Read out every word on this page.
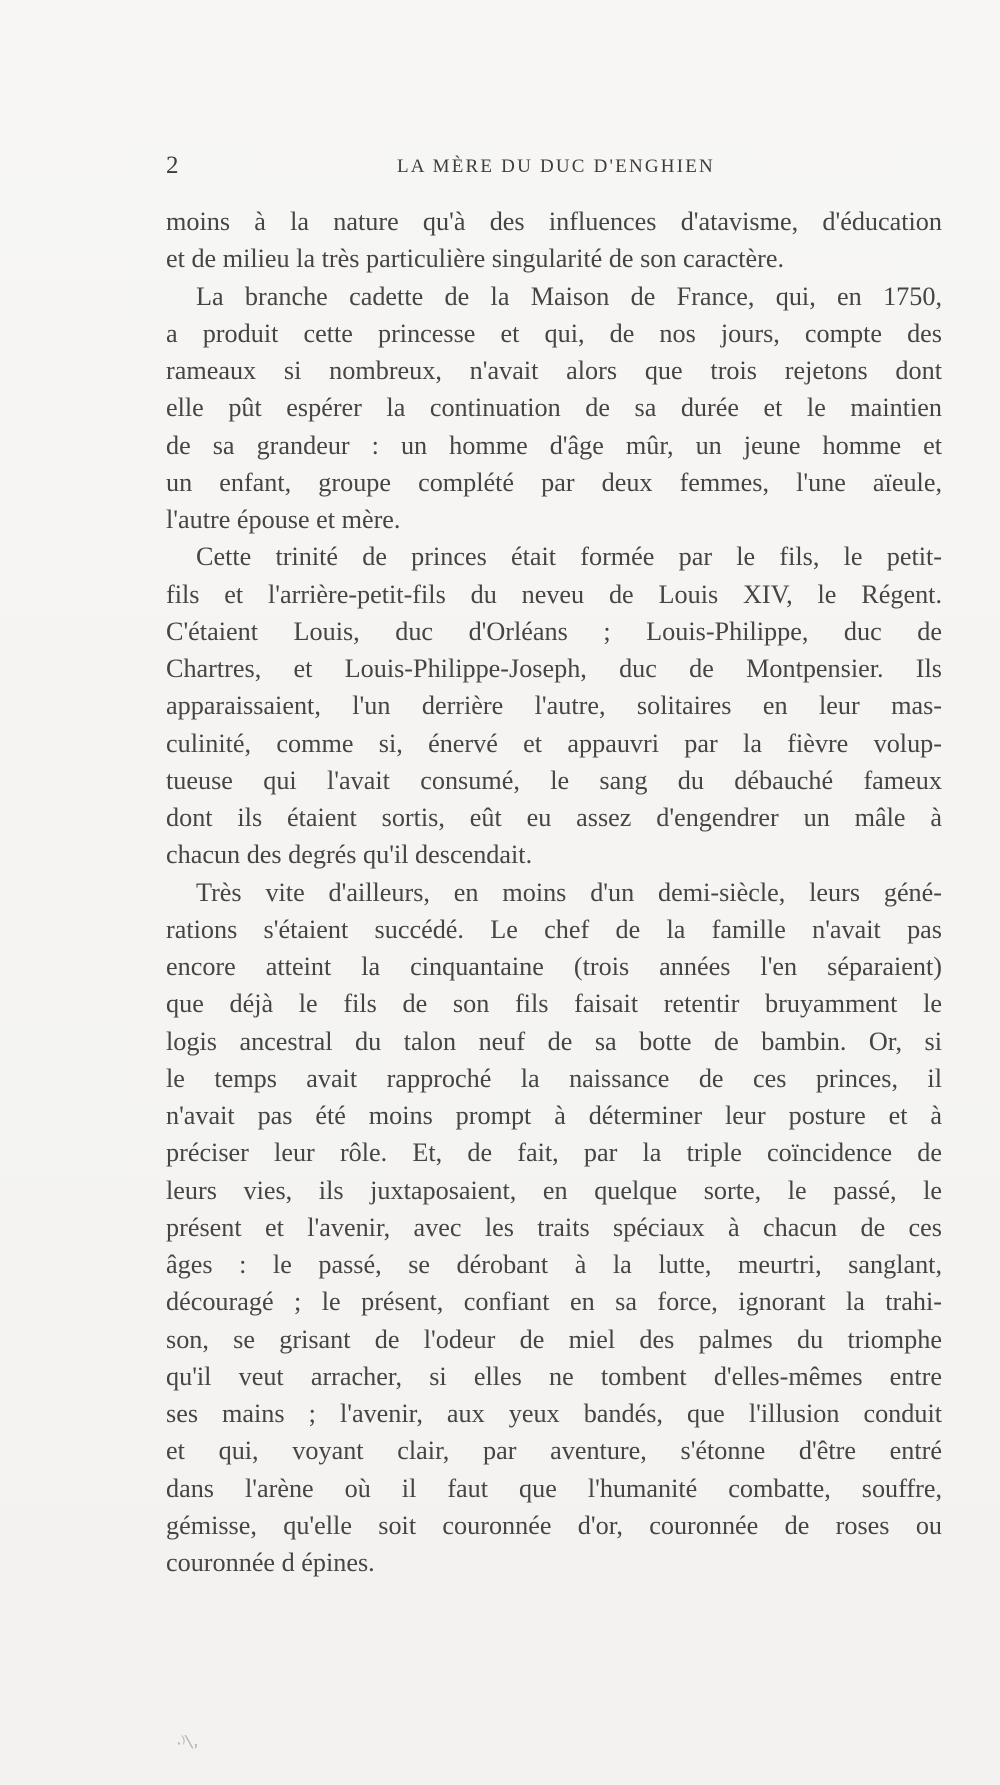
2	LA MÈRE DU DUC D'ENGHIEN

moins à la nature qu'à des influences d'atavisme, d'éducation
et de milieu la très particulière singularité de son caractère.

La branche cadette de la Maison de France, qui, en 1750,
a produit cette princesse et qui, de nos jours, compte des
rameaux si nombreux, n'avait alors que trois rejetons dont
elle pût espérer la continuation de sa durée et le maintien
de sa grandeur : un homme d'âge mûr, un jeune homme et
un enfant, groupe complété par deux femmes, l'une aïeule,
l'autre épouse et mère.

Cette trinité de princes était formée par le fils, le petit-
fils et l'arrière-petit-fils du neveu de Louis XIV, le Régent.
C'étaient Louis, duc d'Orléans ; Louis-Philippe, duc de
Chartres, et Louis-Philippe-Joseph, duc de Montpensier. Ils
apparaissaient, l'un derrière l'autre, solitaires en leur mas-
culinité, comme si, énervé et appauvri par la fièvre volup-
tueuse qui l'avait consumé, le sang du débauché fameux
dont ils étaient sortis, eût eu assez d'engendrer un mâle à
chacun des degrés qu'il descendait.

Très vite d'ailleurs, en moins d'un demi-siècle, leurs géné-
rations s'étaient succédé. Le chef de la famille n'avait pas
encore atteint la cinquantaine (trois années l'en séparaient)
que déjà le fils de son fils faisait retentir bruyamment le
logis ancestral du talon neuf de sa botte de bambin. Or, si
le temps avait rapproché la naissance de ces princes, il
n'avait pas été moins prompt à déterminer leur posture et à
préciser leur rôle. Et, de fait, par la triple coïncidence de
leurs vies, ils juxtaposaient, en quelque sorte, le passé, le
présent et l'avenir, avec les traits spéciaux à chacun de ces
âges : le passé, se dérobant à la lutte, meurtri, sanglant,
découragé ; le présent, confiant en sa force, ignorant la trahi-
son, se grisant de l'odeur de miel des palmes du triomphe
qu'il veut arracher, si elles ne tombent d'elles-mêmes entre
ses mains ; l'avenir, aux yeux bandés, que l'illusion conduit
et qui, voyant clair, par aventure, s'étonne d'être entré
dans l'arène où il faut que l'humanité combatte, souffre,
gémisse, qu'elle soit couronnée d'or, couronnée de roses ou
couronnée d épines.

·⁾\,
